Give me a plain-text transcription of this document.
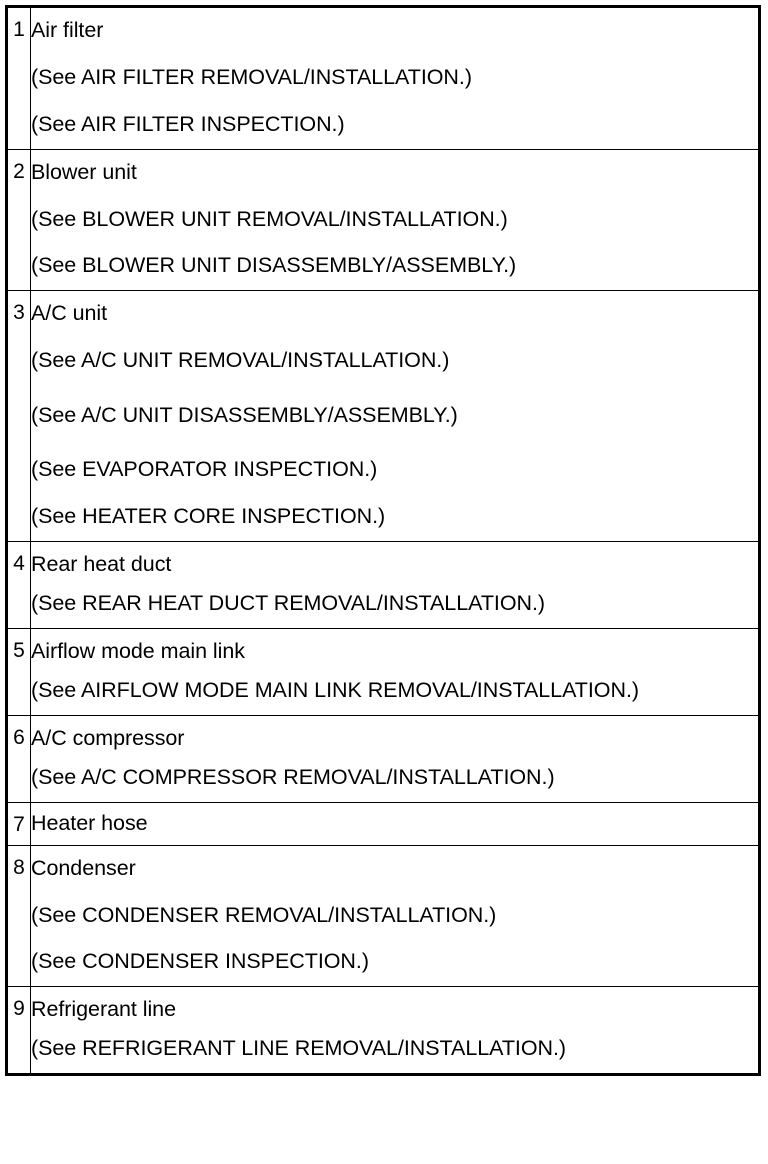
1	Air filter
(See AIR FILTER REMOVAL/INSTALLATION.)
(See AIR FILTER INSPECTION.)

2	Blower unit
(See BLOWER UNIT REMOVAL/INSTALLATION.)
(See BLOWER UNIT DISASSEMBLY/ASSEMBLY.)

3	A/C unit
(See A/C UNIT REMOVAL/INSTALLATION.)
(See A/C UNIT DISASSEMBLY/ASSEMBLY.)
(See EVAPORATOR INSPECTION.)
(See HEATER CORE INSPECTION.)

4	Rear heat duct
(See REAR HEAT DUCT REMOVAL/INSTALLATION.)

5	Airflow mode main link
(See AIRFLOW MODE MAIN LINK REMOVAL/INSTALLATION.)

6	A/C compressor
(See A/C COMPRESSOR REMOVAL/INSTALLATION.)

7	Heater hose

8	Condenser
(See CONDENSER REMOVAL/INSTALLATION.)
(See CONDENSER INSPECTION.)

9	Refrigerant line
(See REFRIGERANT LINE REMOVAL/INSTALLATION.)
